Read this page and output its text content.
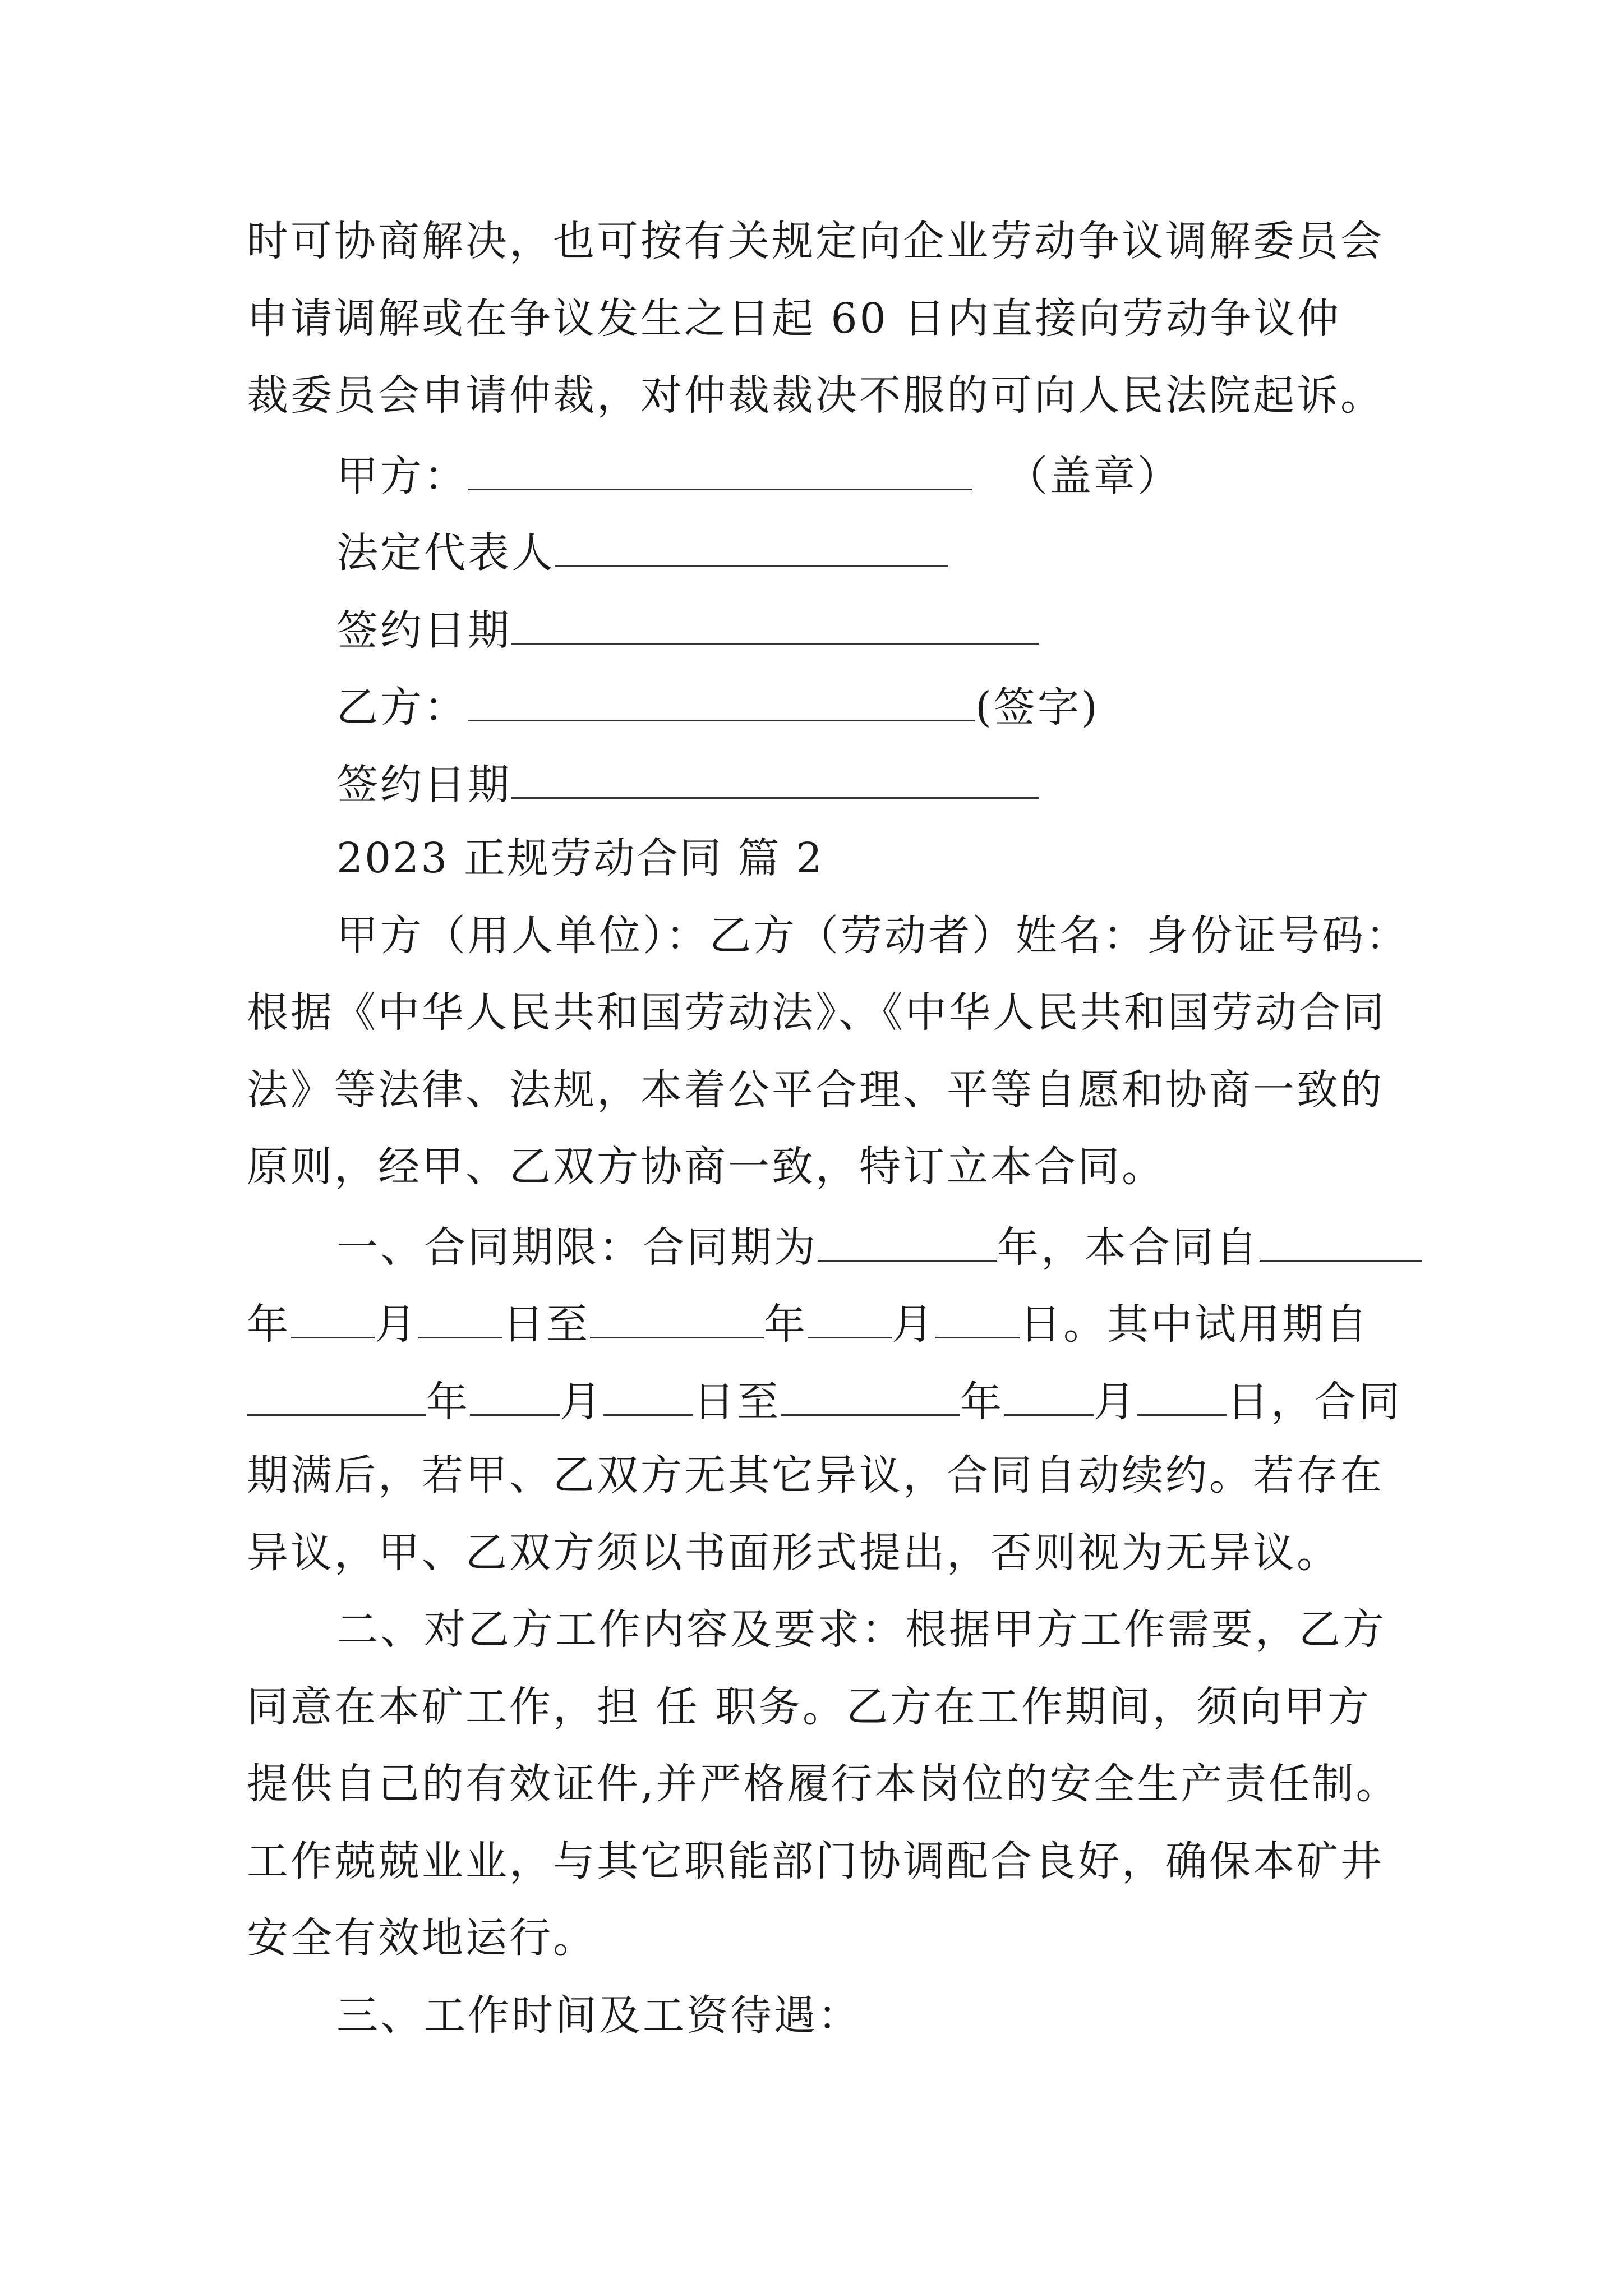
时可协商解决，也可按有关规定向企业劳动争议调解委员会
申请调解或在争议发生之日起 60 日内直接向劳动争议仲
裁委员会申请仲裁，对仲裁裁决不服的可向人民法院起诉。
甲方：	（盖章）
法定代表人
签约日期
乙方：	(签字)
签约日期
2023 正规劳动合同 篇 2
甲方（用人单位）：乙方（劳动者）姓名：身份证号码：
根据《中华人民共和国劳动法》、《中华人民共和国劳动合同
法》等法律、法规，本着公平合理、平等自愿和协商一致的
原则，经甲、乙双方协商一致，特订立本合同。
一、合同期限：合同期为	年，本合同自
年 月 日至	年 月 日。其中试用期自
年 月 日至	年 月 日，合同
期满后，若甲、乙双方无其它异议，合同自动续约。若存在
异议，甲、乙双方须以书面形式提出，否则视为无异议。
二、对乙方工作内容及要求：根据甲方工作需要，乙方
同意在本矿工作，担 任 职务。乙方在工作期间，须向甲方
提供自己的有效证件,并严格履行本岗位的安全生产责任制。
工作兢兢业业，与其它职能部门协调配合良好，确保本矿井
安全有效地运行。
三、工作时间及工资待遇：
